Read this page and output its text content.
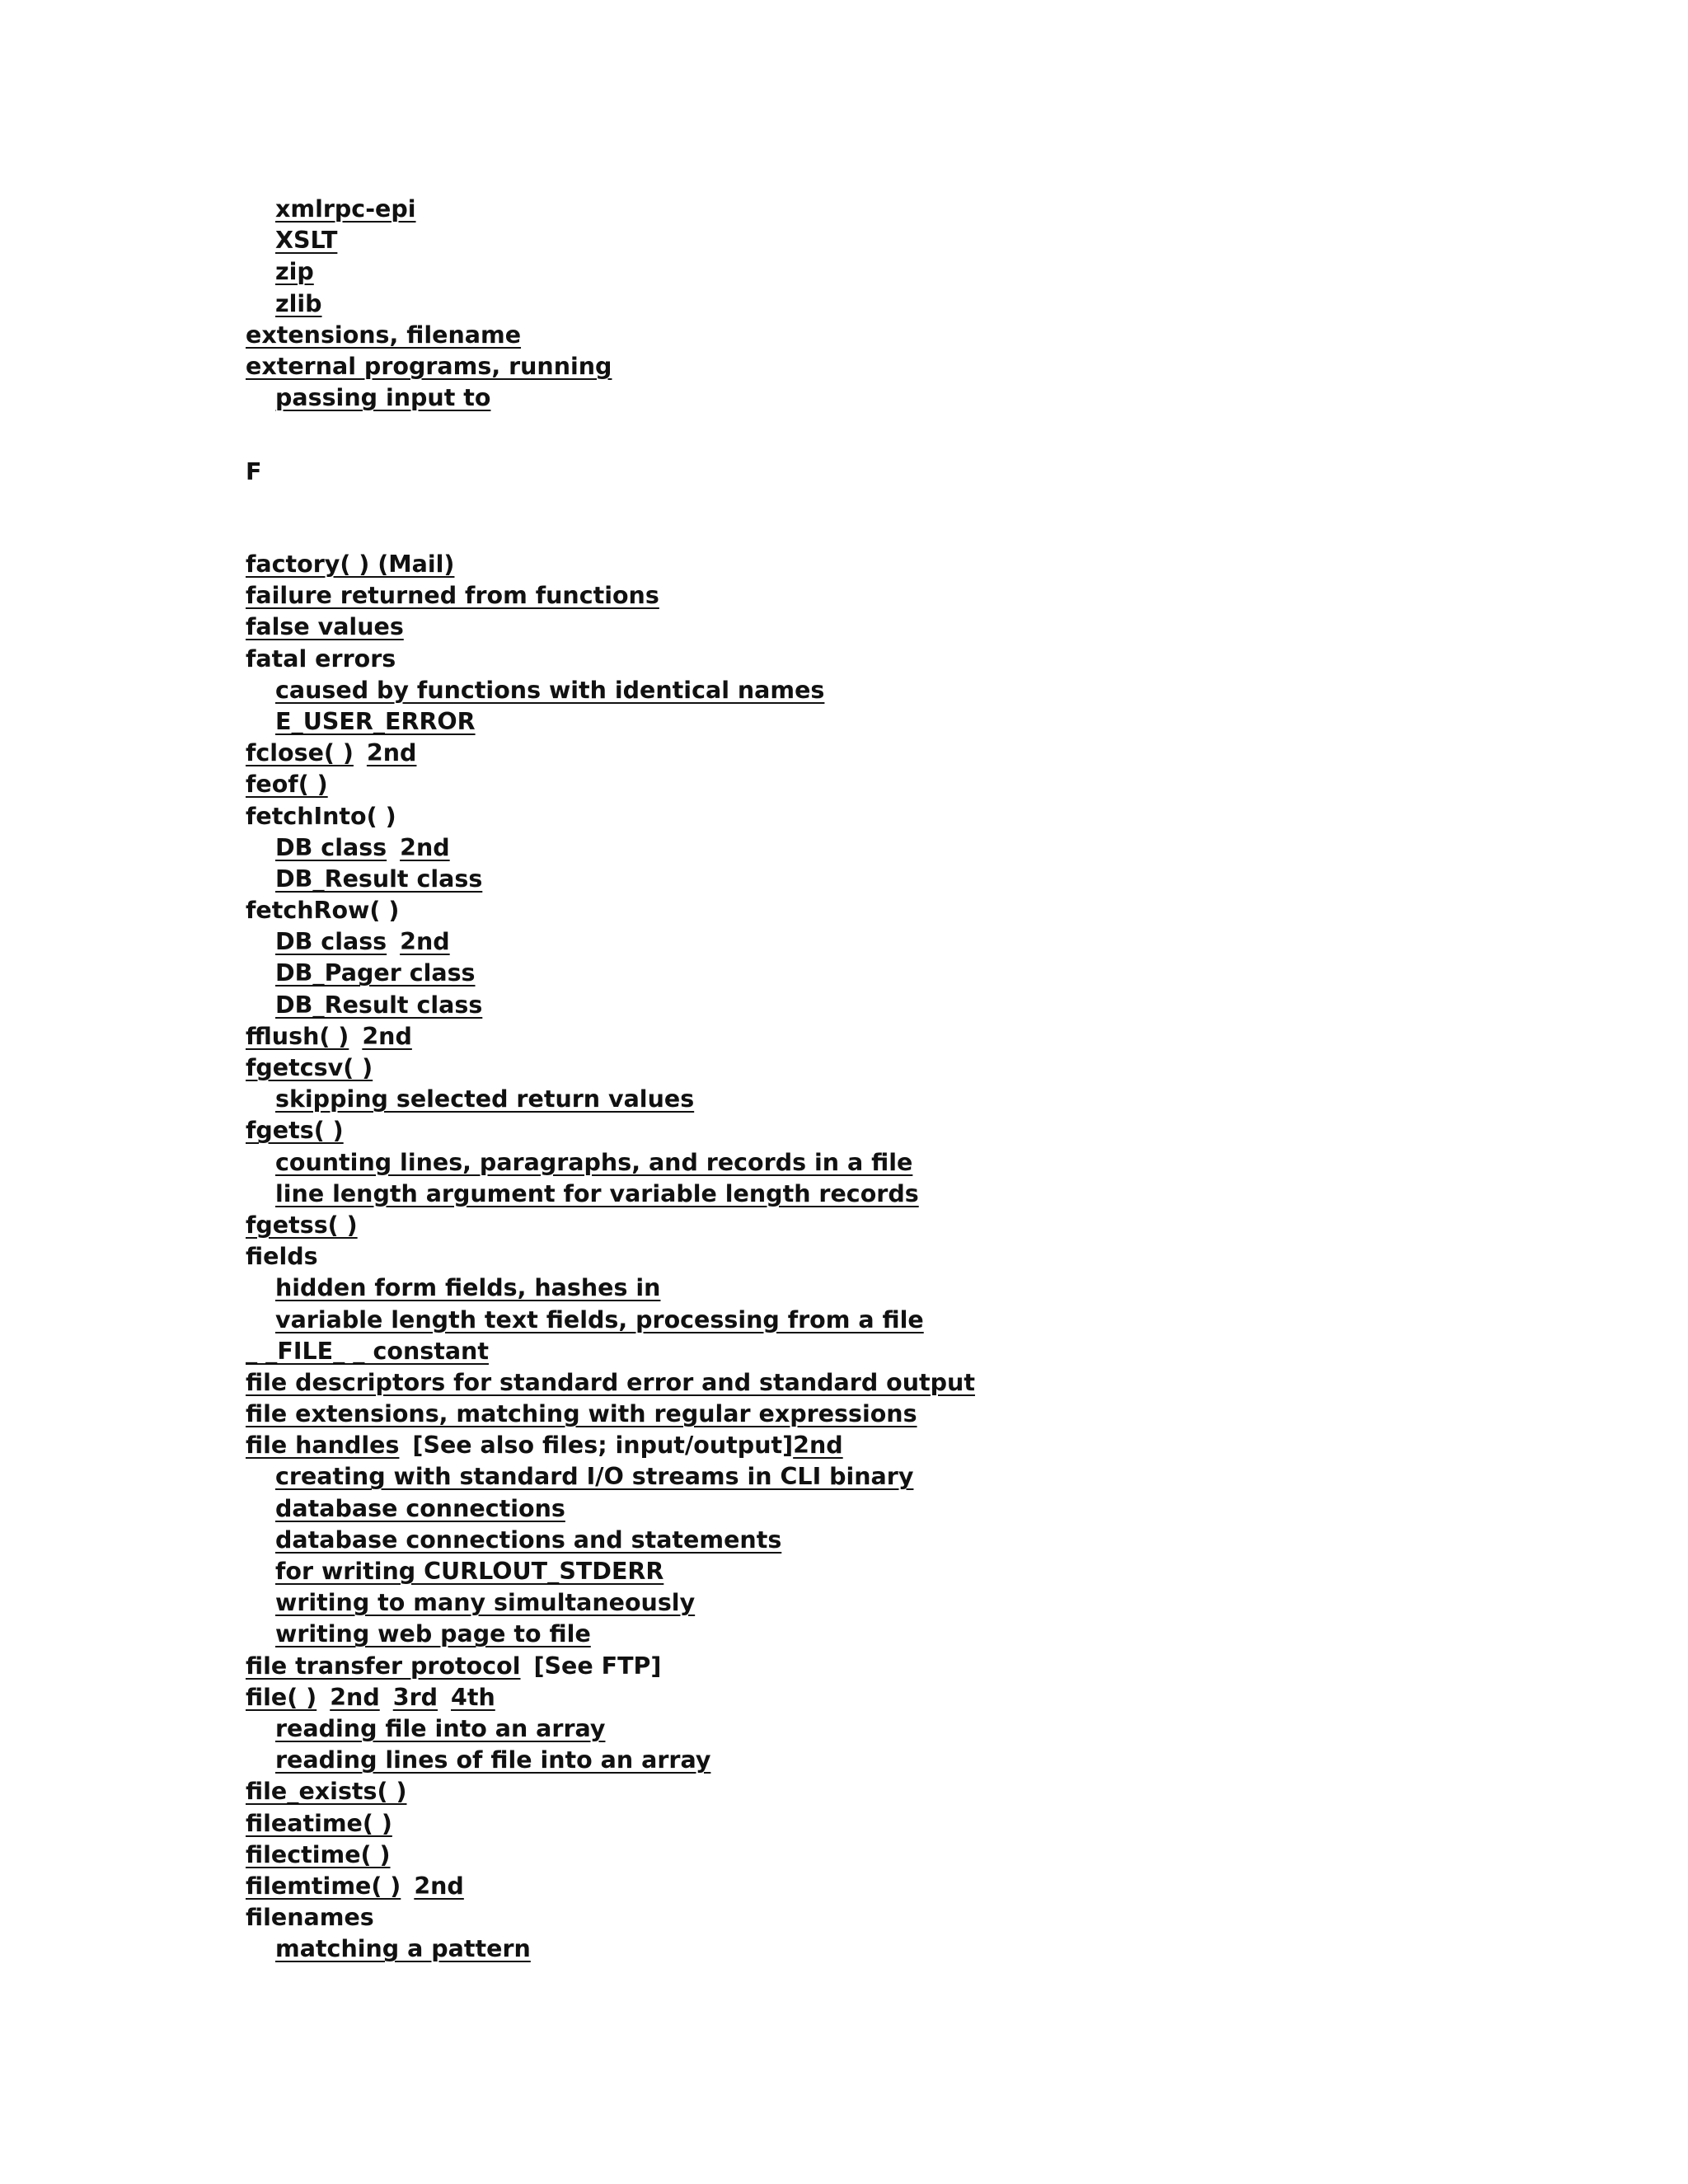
xmlrpc-epi
XSLT
zip
zlib
extensions, filename
external programs, running
passing input to
F
factory( ) (Mail)
failure returned from functions
false values
fatal errors
caused by functions with identical names
E_USER_ERROR
fclose( ) 2nd
feof( )
fetchInto( )
DB class 2nd
DB_Result class
fetchRow( )
DB class 2nd
DB_Pager class
DB_Result class
fflush( ) 2nd
fgetcsv( )
skipping selected return values
fgets( )
counting lines, paragraphs, and records in a file
line length argument for variable length records
fgetss( )
fields
hidden form fields, hashes in
variable length text fields, processing from a file
_ _FILE_ _ constant
file descriptors for standard error and standard output
file extensions, matching with regular expressions
file handles [See also files; input/output]2nd
creating with standard I/O streams in CLI binary
database connections
database connections and statements
for writing CURLOUT_STDERR
writing to many simultaneously
writing web page to file
file transfer protocol [See FTP]
file( ) 2nd 3rd 4th
reading file into an array
reading lines of file into an array
file_exists( )
fileatime( )
filectime( )
filemtime( ) 2nd
filenames
matching a pattern
